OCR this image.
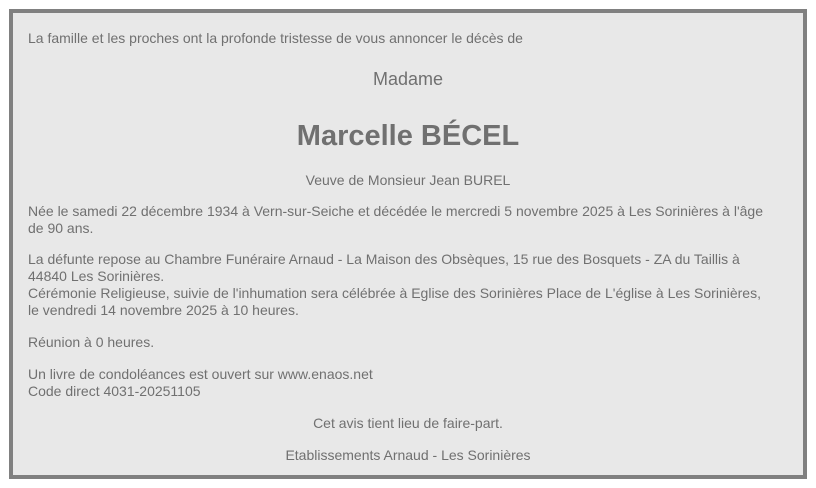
La famille et les proches ont la profonde tristesse de vous annoncer le décès de
Madame
Marcelle BÉCEL
Veuve de Monsieur Jean BUREL
Née le samedi 22 décembre 1934 à Vern-sur-Seiche et décédée le mercredi 5 novembre 2025 à Les Sorinières à l'âge de 90 ans.
La défunte repose au Chambre Funéraire Arnaud - La Maison des Obsèques, 15 rue des Bosquets - ZA du Taillis à 44840 Les Sorinières.
Cérémonie Religieuse, suivie de l'inhumation sera célébrée à Eglise des Sorinières Place de L'église à Les Sorinières, le vendredi 14 novembre 2025 à 10 heures.
Réunion à 0 heures.
Un livre de condoléances est ouvert sur www.enaos.net
Code direct 4031-20251105
Cet avis tient lieu de faire-part.
Etablissements Arnaud - Les Sorinières
